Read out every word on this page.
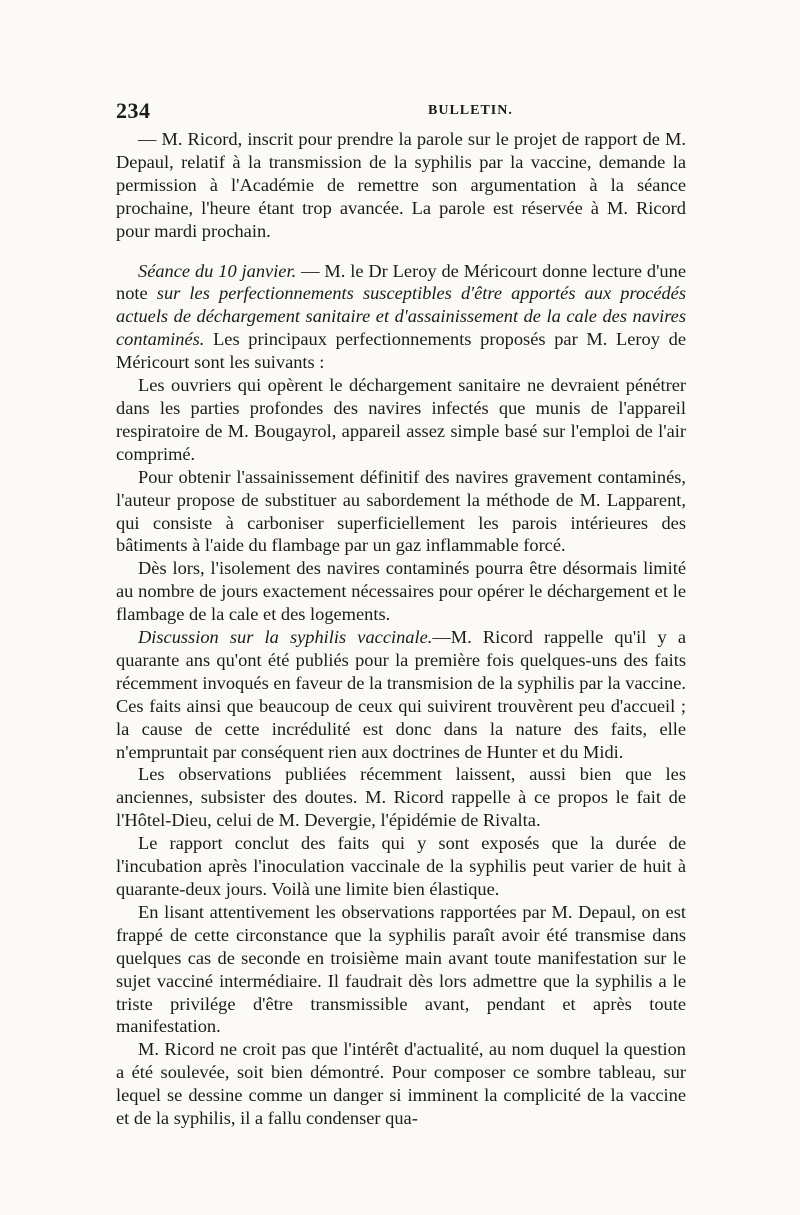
234	BULLETIN.

— M. Ricord, inscrit pour prendre la parole sur le projet de rapport de M. Depaul, relatif à la transmission de la syphilis par la vaccine, demande la permission à l'Académie de remettre son argumentation à la séance prochaine, l'heure étant trop avancée. La parole est réservée à M. Ricord pour mardi prochain.

Séance du 10 janvier. — M. le Dr Leroy de Méricourt donne lecture d'une note sur les perfectionnements susceptibles d'être apportés aux procédés actuels de déchargement sanitaire et d'assainissement de la cale des navires contaminés. Les principaux perfectionnements proposés par M. Leroy de Méricourt sont les suivants :

Les ouvriers qui opèrent le déchargement sanitaire ne devraient pénétrer dans les parties profondes des navires infectés que munis de l'appareil respiratoire de M. Bougayrol, appareil assez simple basé sur l'emploi de l'air comprimé.

Pour obtenir l'assainissement définitif des navires gravement contaminés, l'auteur propose de substituer au sabordement la méthode de M. Lapparent, qui consiste à carboniser superficiellement les parois intérieures des bâtiments à l'aide du flambage par un gaz inflammable forcé.

Dès lors, l'isolement des navires contaminés pourra être désormais limité au nombre de jours exactement nécessaires pour opérer le déchargement et le flambage de la cale et des logements.

Discussion sur la syphilis vaccinale.—M. Ricord rappelle qu'il y a quarante ans qu'ont été publiés pour la première fois quelques-uns des faits récemment invoqués en faveur de la transmision de la syphilis par la vaccine. Ces faits ainsi que beaucoup de ceux qui suivirent trouvèrent peu d'accueil ; la cause de cette incrédulité est donc dans la nature des faits, elle n'empruntait par conséquent rien aux doctrines de Hunter et du Midi.

Les observations publiées récemment laissent, aussi bien que les anciennes, subsister des doutes. M. Ricord rappelle à ce propos le fait de l'Hôtel-Dieu, celui de M. Devergie, l'épidémie de Rivalta.

Le rapport conclut des faits qui y sont exposés que la durée de l'incubation après l'inoculation vaccinale de la syphilis peut varier de huit à quarante-deux jours. Voilà une limite bien élastique.

En lisant attentivement les observations rapportées par M. Depaul, on est frappé de cette circonstance que la syphilis paraît avoir été transmise dans quelques cas de seconde en troisième main avant toute manifestation sur le sujet vacciné intermédiaire. Il faudrait dès lors admettre que la syphilis a le triste privilége d'être transmissible avant, pendant et après toute manifestation.

M. Ricord ne croit pas que l'intérêt d'actualité, au nom duquel la question a été soulevée, soit bien démontré. Pour composer ce sombre tableau, sur lequel se dessine comme un danger si imminent la complicité de la vaccine et de la syphilis, il a fallu condenser qua-
